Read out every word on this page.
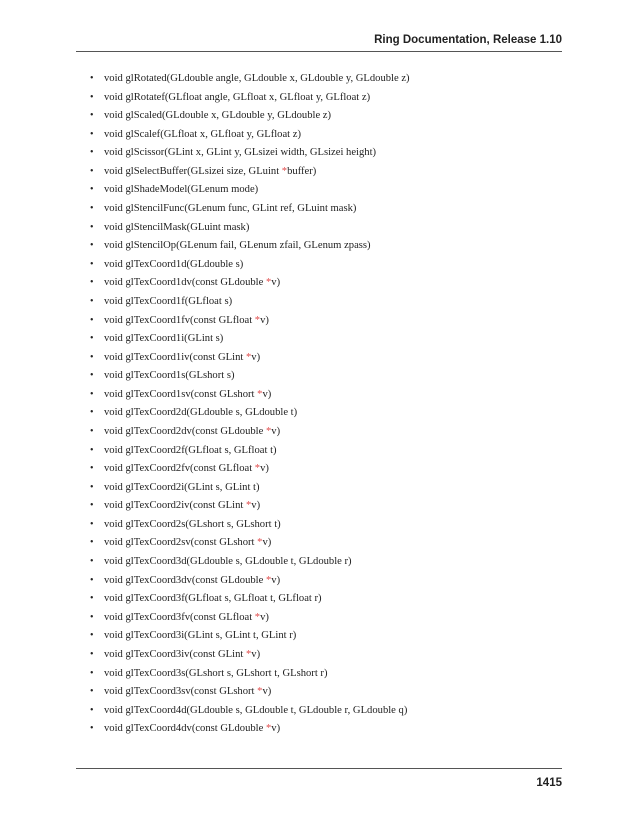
Ring Documentation, Release 1.10
• void glRotated(GLdouble angle, GLdouble x, GLdouble y, GLdouble z)
• void glRotatef(GLfloat angle, GLfloat x, GLfloat y, GLfloat z)
• void glScaled(GLdouble x, GLdouble y, GLdouble z)
• void glScalef(GLfloat x, GLfloat y, GLfloat z)
• void glScissor(GLint x, GLint y, GLsizei width, GLsizei height)
• void glSelectBuffer(GLsizei size, GLuint *buffer)
• void glShadeModel(GLenum mode)
• void glStencilFunc(GLenum func, GLint ref, GLuint mask)
• void glStencilMask(GLuint mask)
• void glStencilOp(GLenum fail, GLenum zfail, GLenum zpass)
• void glTexCoord1d(GLdouble s)
• void glTexCoord1dv(const GLdouble *v)
• void glTexCoord1f(GLfloat s)
• void glTexCoord1fv(const GLfloat *v)
• void glTexCoord1i(GLint s)
• void glTexCoord1iv(const GLint *v)
• void glTexCoord1s(GLshort s)
• void glTexCoord1sv(const GLshort *v)
• void glTexCoord2d(GLdouble s, GLdouble t)
• void glTexCoord2dv(const GLdouble *v)
• void glTexCoord2f(GLfloat s, GLfloat t)
• void glTexCoord2fv(const GLfloat *v)
• void glTexCoord2i(GLint s, GLint t)
• void glTexCoord2iv(const GLint *v)
• void glTexCoord2s(GLshort s, GLshort t)
• void glTexCoord2sv(const GLshort *v)
• void glTexCoord3d(GLdouble s, GLdouble t, GLdouble r)
• void glTexCoord3dv(const GLdouble *v)
• void glTexCoord3f(GLfloat s, GLfloat t, GLfloat r)
• void glTexCoord3fv(const GLfloat *v)
• void glTexCoord3i(GLint s, GLint t, GLint r)
• void glTexCoord3iv(const GLint *v)
• void glTexCoord3s(GLshort s, GLshort t, GLshort r)
• void glTexCoord3sv(const GLshort *v)
• void glTexCoord4d(GLdouble s, GLdouble t, GLdouble r, GLdouble q)
• void glTexCoord4dv(const GLdouble *v)
1415
